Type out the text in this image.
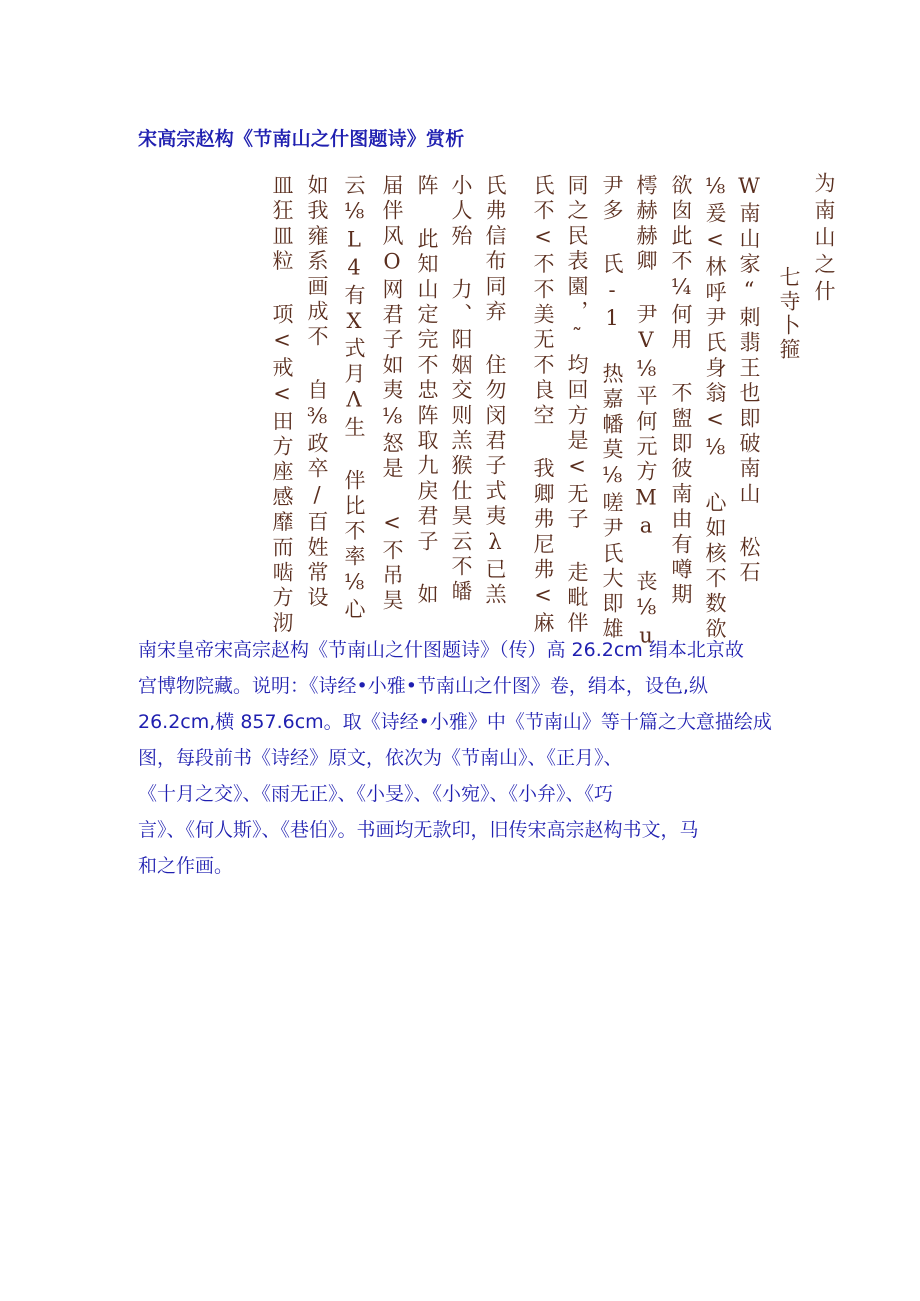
宋高宗赵构《节南山之什图题诗》赏析
为南山之什
七寺卜箍
W南山家“刺翡王也即破南山 松石
⅛爰<林呼尹氏身翁<⅛ 心如核不数欲
欲囱此不¼何用 不盥即彼南由有噂期
樗赫赫卿 尹V⅛平何元方Ma 丧⅛u
尹多 氏-1 热嘉幡莫⅛嗟尹氏大即雄
同之民表園，˜均回方是<无子 走毗伴
氏不<不不美无不良空 我卿弗尼弗<麻
氏弗信布同弃 住勿闵君子式夷λ已羔
小人殆 力、阳姻交则羔猴仕昊云不皤
阵 此知山定完不忠阵取九戻君子 如
届伴风O网君子如夷⅛怒是 <不吊昊
云⅛L4有X式月Λ生 伴比不率⅛心
如我雍系画成不 自⅜政卒/百姓常设
皿狂皿粒 项<戒<田方座感靡而啮方沏

南宋皇帝宋高宗赵构《节南山之什图题诗》（传）高 26.2cm 绢本北京故

宫博物院藏。说明：《诗经•小雅•节南山之什图》卷，绢本，设色,纵

26.2cm,横 857.6cm。取《诗经•小雅》中《节南山》等十篇之大意描绘成

图，每段前书《诗经》原文，依次为《节南山》、《正月》、

《十月之交》、《雨无正》、《小旻》、《小宛》、《小弁》、《巧

言》、《何人斯》、《巷伯》。书画均无款印，旧传宋高宗赵构书文，马

和之作画。
